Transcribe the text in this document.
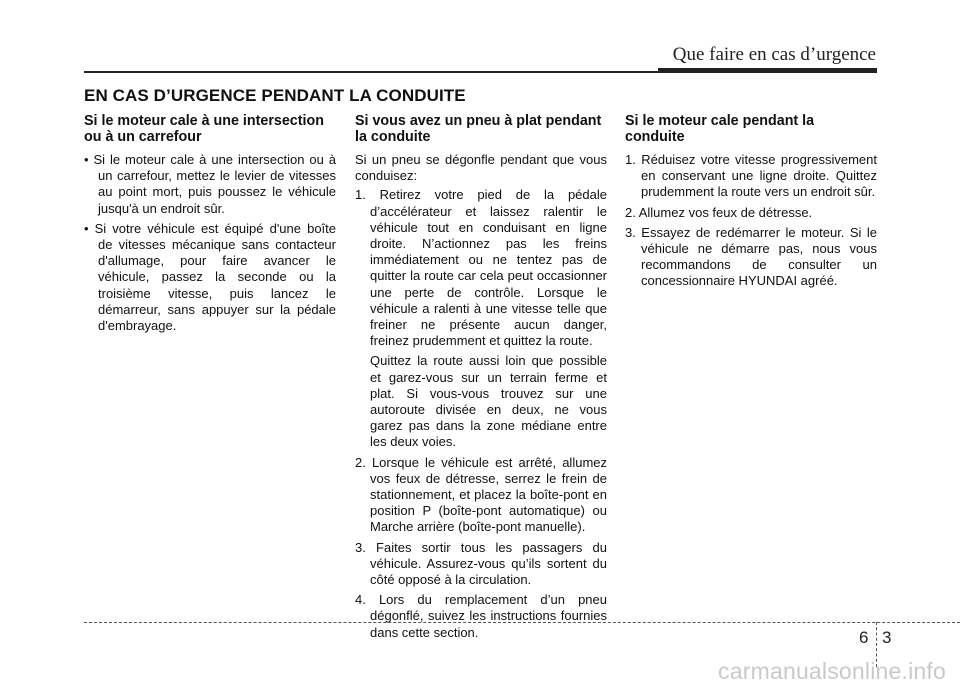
Que faire en cas d’urgence
EN CAS D’URGENCE PENDANT LA CONDUITE
Si le moteur cale à une intersection ou à un carrefour
• Si le moteur cale à une intersection ou à un carrefour, mettez le levier de vitesses au point mort, puis poussez le véhicule jusqu'à un endroit sûr.
• Si votre véhicule est équipé d'une boîte de vitesses mécanique sans contacteur d'allumage, pour faire avancer le véhicule, passez la seconde ou la troisième vitesse, puis lancez le démarreur, sans appuyer sur la pédale d'embrayage.
Si vous avez un pneu à plat pendant la conduite

Si un pneu se dégonfle pendant que vous conduisez:

1. Retirez votre pied de la pédale d’accélérateur et laissez ralentir le véhicule tout en conduisant en ligne droite. N’actionnez pas les freins immédiatement ou ne tentez pas de quitter la route car cela peut occasionner une perte de contrôle. Lorsque le véhicule a ralenti à une vitesse telle que freiner ne présente aucun danger, freinez prudemment et quittez la route.
Quittez la route aussi loin que possible et garez-vous sur un terrain ferme et plat. Si vous-vous trouvez sur une autoroute divisée en deux, ne vous garez pas dans la zone médiane entre les deux voies.
2. Lorsque le véhicule est arrêté, allumez vos feux de détresse, serrez le frein de stationnement, et placez la boîte-pont en position P (boîte-pont automatique) ou Marche arrière (boîte-pont manuelle).
3. Faites sortir tous les passagers du véhicule. Assurez-vous qu’ils sortent du côté opposé à la circulation.
4. Lors du remplacement d’un pneu dégonflé, suivez les instructions fournies dans cette section.
Si le moteur cale pendant la conduite
1. Réduisez votre vitesse progressivement en conservant une ligne droite. Quittez prudemment la route vers un endroit sûr.
2. Allumez vos feux de détresse.
3. Essayez de redémarrer le moteur. Si le véhicule ne démarre pas, nous vous recommandons de consulter un concessionnaire HYUNDAI agréé.
6 3
carmanualsonline.info
